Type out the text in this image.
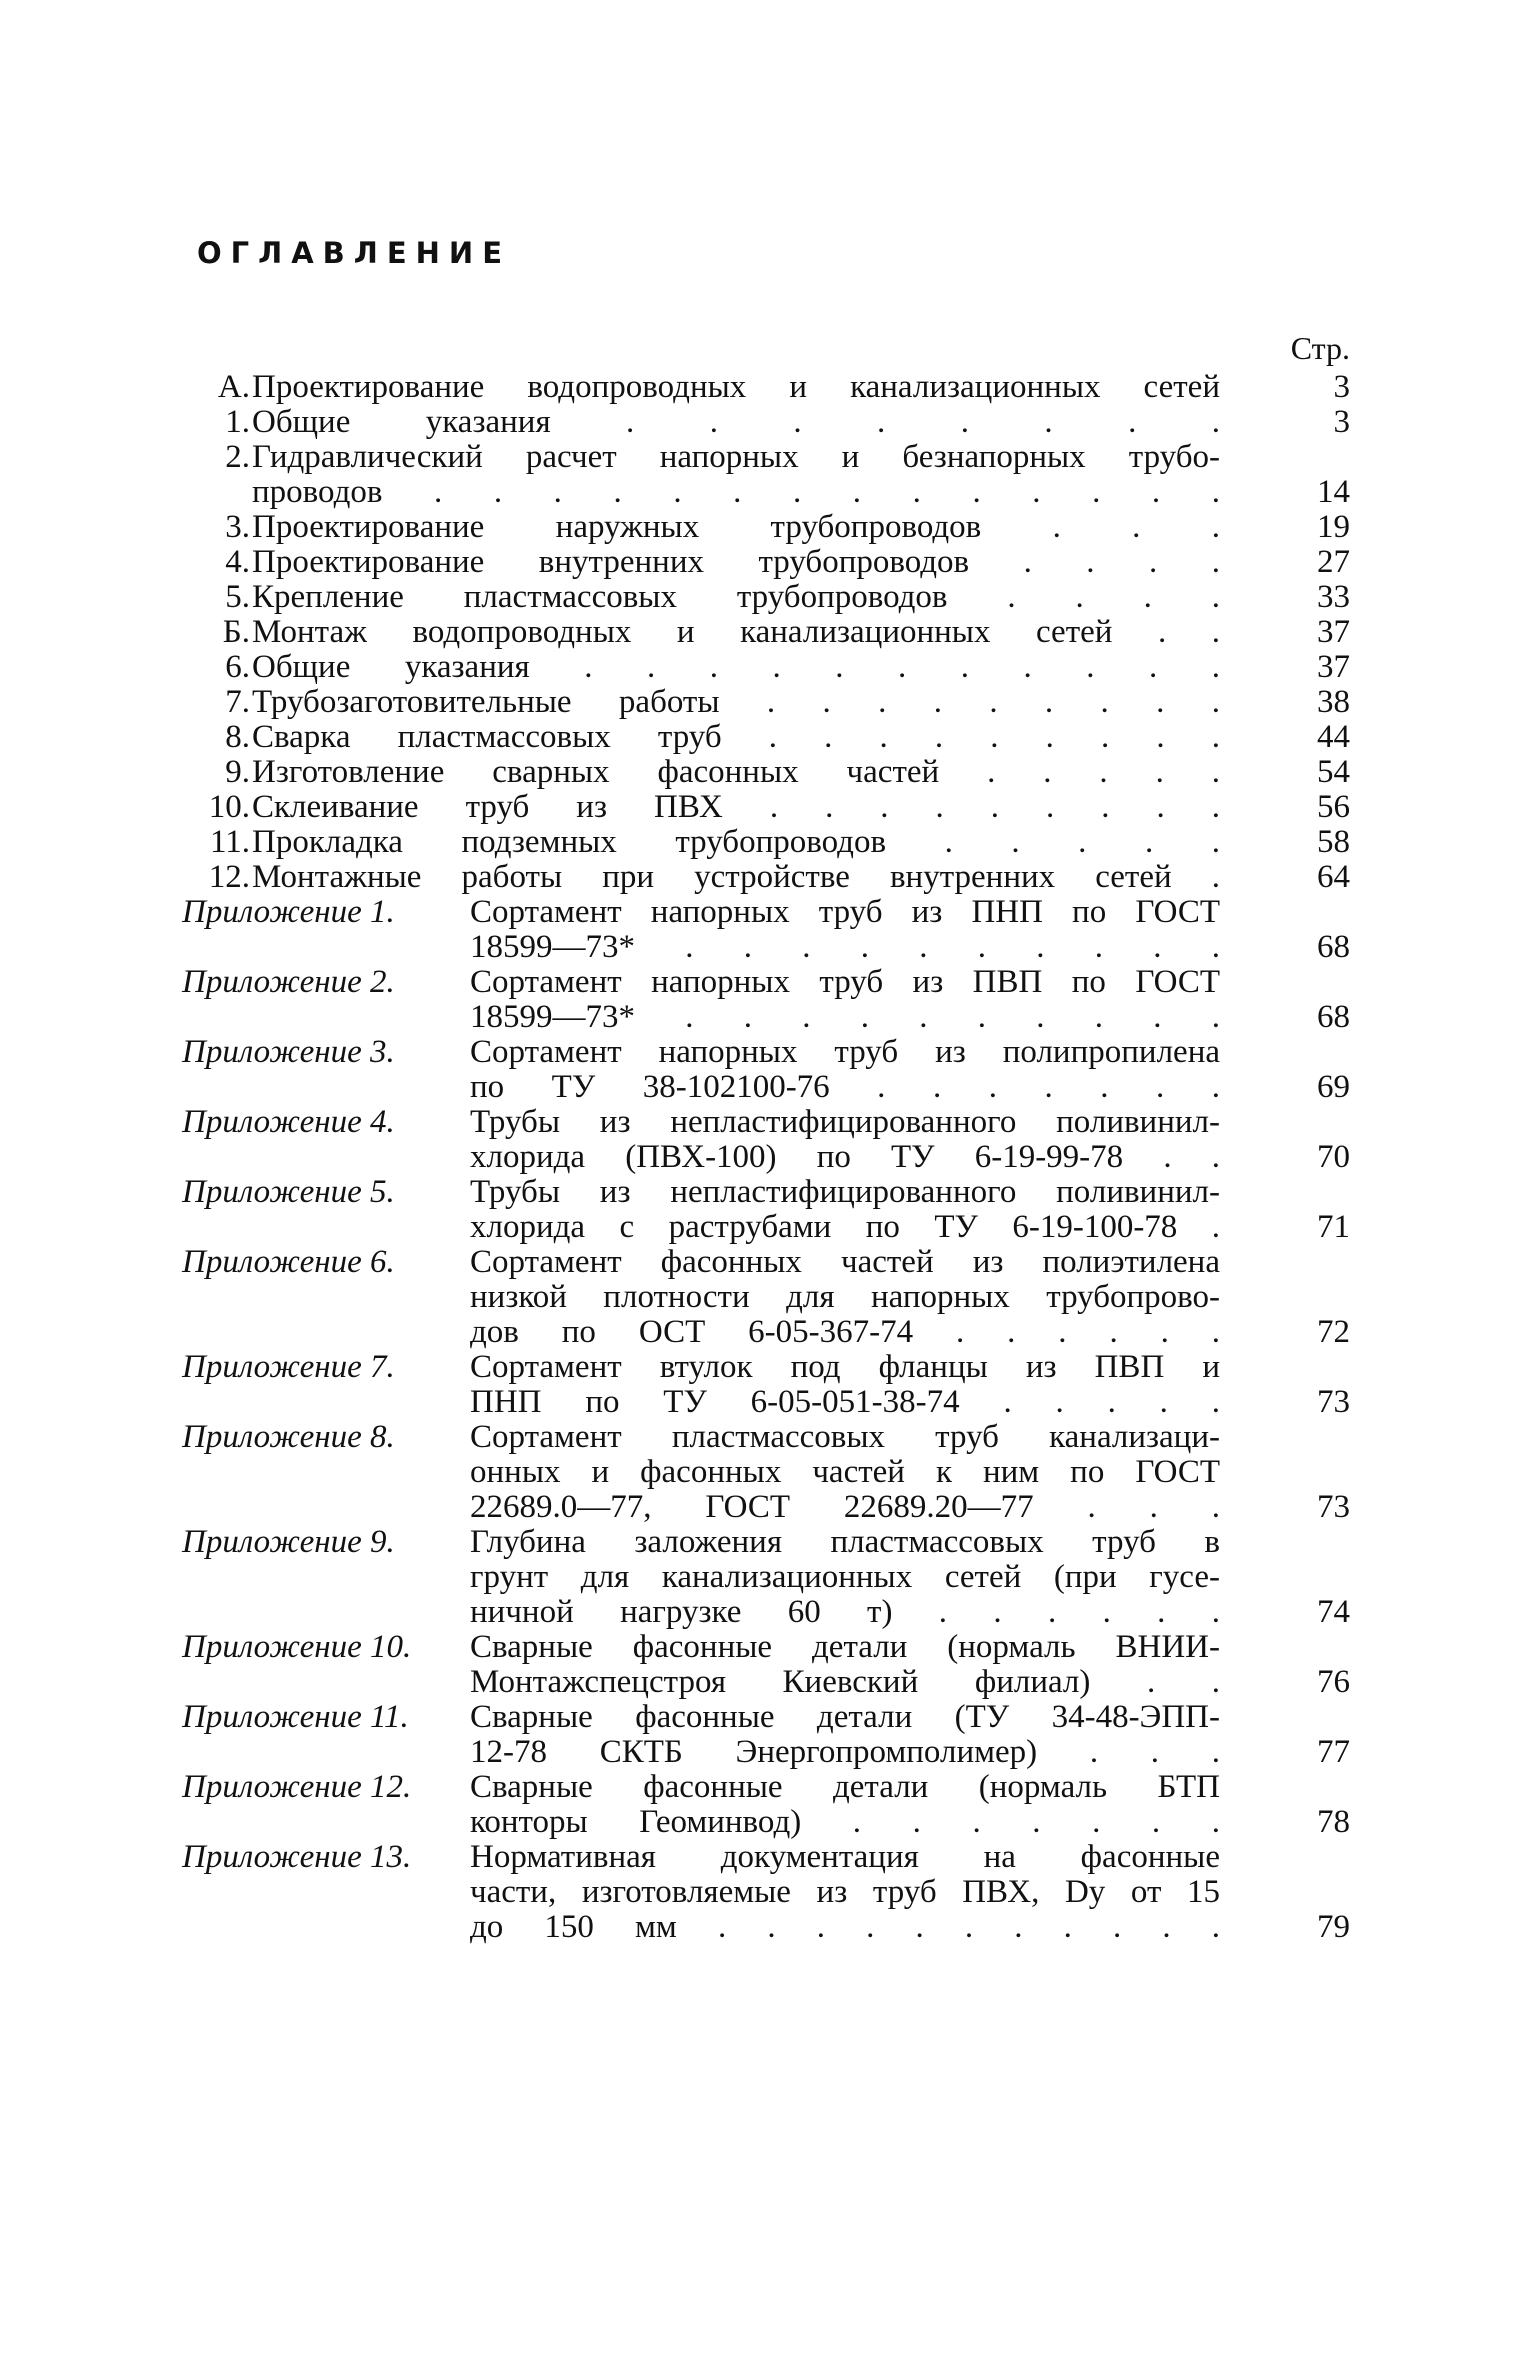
ОГЛАВЛЕНИЕ
Стр.
А. Проектирование водопроводных и канализационных сетей	3
1. Общие указания . . . . . . . .	3
2. Гидравлический расчет напорных и безнапорных трубо-
проводов . . . . . . . . . . . . . .	14
3. Проектирование наружных трубопроводов . . .	19
4. Проектирование внутренних трубопроводов . . . .	27
5. Крепление пластмассовых трубопроводов . . . .	33
Б. Монтаж водопроводных и канализационных сетей . .	37
6. Общие указания . . . . . . . . . . .	37
7. Трубозаготовительные работы . . . . . . . . .	38
8. Сварка пластмассовых труб . . . . . . . . .	44
9. Изготовление сварных фасонных частей . . . . .	54
10. Склеивание труб из ПВХ . . . . . . . . .	56
11. Прокладка подземных трубопроводов . . . . .	58
12. Монтажные работы при устройстве внутренних сетей .	64
Приложение 1. Сортамент напорных труб из ПНП по ГОСТ
18599—73* . . . . . . . . . .	68
Приложение 2. Сортамент напорных труб из ПВП по ГОСТ
18599—73* . . . . . . . . . .	68
Приложение 3. Сортамент напорных труб из полипропилена
по ТУ 38-102100-76 . . . . . . .	69
Приложение 4. Трубы из непластифицированного поливинил-
хлорида (ПВХ-100) по ТУ 6-19-99-78 . .	70
Приложение 5. Трубы из непластифицированного поливинил-
хлорида с раструбами по ТУ 6-19-100-78 .	71
Приложение 6. Сортамент фасонных частей из полиэтилена
низкой плотности для напорных трубопрово-
дов по ОСТ 6-05-367-74 . . . . . .	72
Приложение 7. Сортамент втулок под фланцы из ПВП и
ПНП по ТУ 6-05-051-38-74 . . . . .	73
Приложение 8. Сортамент пластмассовых труб канализаци-
онных и фасонных частей к ним по ГОСТ
22689.0—77, ГОСТ 22689.20—77 . . .	73
Приложение 9. Глубина заложения пластмассовых труб в
грунт для канализационных сетей (при гусе-
ничной нагрузке 60 т) . . . . . .	74
Приложение 10. Сварные фасонные детали (нормаль ВНИИ-
Монтажспецстроя Киевский филиал) . .	76
Приложение 11. Сварные фасонные детали (ТУ 34-48-ЭПП-
12-78 СКТБ Энергопромполимер) . . .	77
Приложение 12. Сварные фасонные детали (нормаль БТП
конторы Геоминвод) . . . . . . .	78
Приложение 13. Нормативная документация на фасонные
части, изготовляемые из труб ПВХ, Dу от 15
до 150 мм . . . . . . . . . . .	79
